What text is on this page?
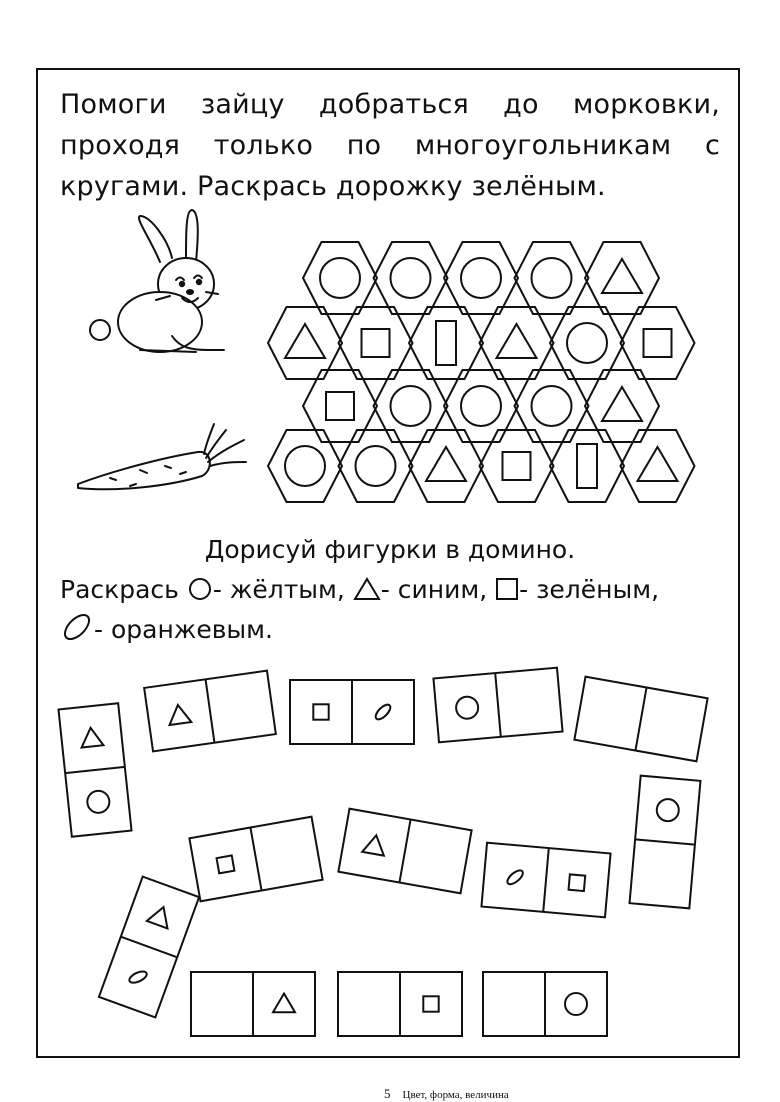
Помоги зайцу добраться до морковки, проходя только по многоугольникам с кругами. Раскрась дорожку зелёным.
Дорисуй фигурки в домино.
Раскрась - жёлтым, - синим, - зелёным,
- оранжевым.
5 Цвет, форма, величина
